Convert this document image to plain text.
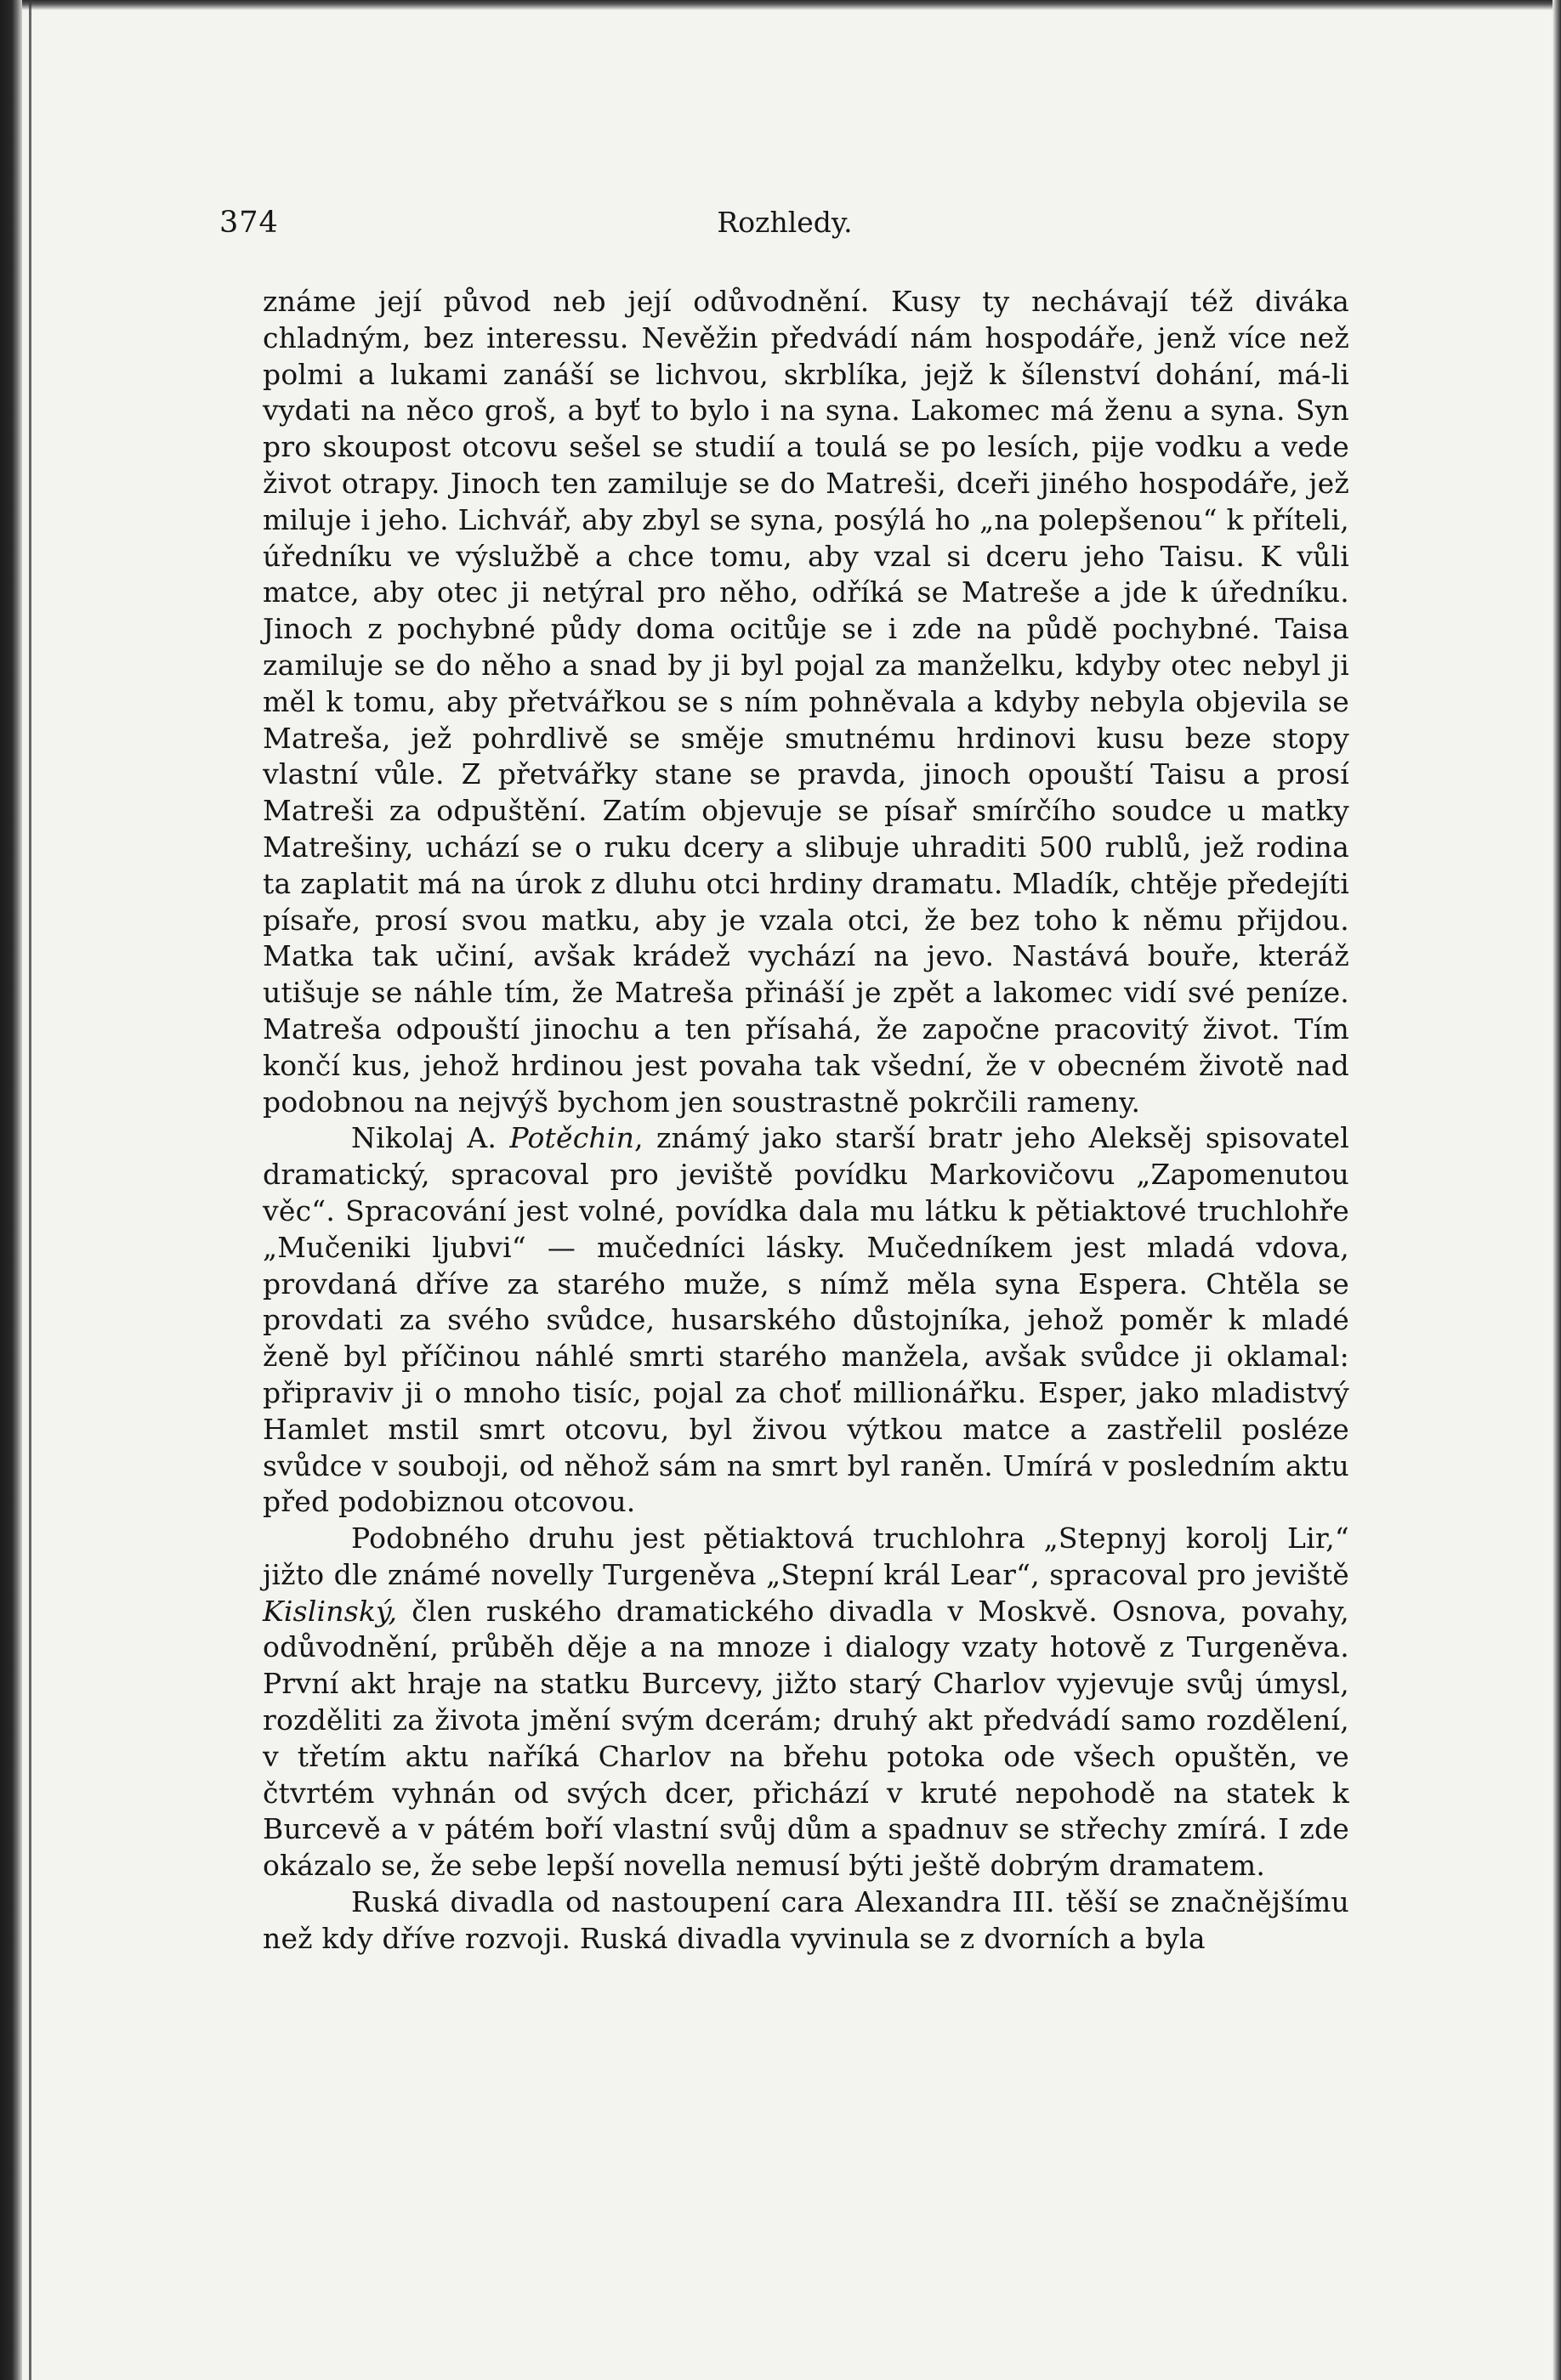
374	Rozhledy.

známe její původ neb její odůvodnění. Kusy ty nechávají též diváka chladným, bez interessu. Nevěžin předvádí nám hospodáře, jenž více než polmi a lukami zanáší se lichvou, skrblíka, jejž k šílenství dohání, má-li vydati na něco groš, a byť to bylo i na syna. Lakomec má ženu a syna. Syn pro skoupost otcovu sešel se studií a toulá se po lesích, pije vodku a vede život otrapy. Jinoch ten zamiluje se do Matreši, dceři jiného hospodáře, jež miluje i jeho. Lichvář, aby zbyl se syna, posýlá ho „na polepšenou“ k příteli, úředníku ve výslužbě a chce tomu, aby vzal si dceru jeho Taisu. K vůli matce, aby otec ji netýral pro něho, odříká se Matreše a jde k úředníku. Jinoch z pochybné půdy doma ocitůje se i zde na půdě pochybné. Taisa zamiluje se do něho a snad by ji byl pojal za manželku, kdyby otec nebyl ji měl k tomu, aby přetvářkou se s ním pohněvala a kdyby nebyla objevila se Matreša, jež pohrdlivě se směje smutnému hrdinovi kusu beze stopy vlastní vůle. Z přetvářky stane se pravda, jinoch opouští Taisu a prosí Matreši za odpuštění. Zatím objevuje se písař smírčího soudce u matky Matrešiny, uchází se o ruku dcery a slibuje uhraditi 500 rublů, jež rodina ta zaplatit má na úrok z dluhu otci hrdiny dramatu. Mladík, chtěje předejíti písaře, prosí svou matku, aby je vzala otci, že bez toho k němu přijdou. Matka tak učiní, avšak krádež vychází na jevo. Nastává bouře, kteráž utišuje se náhle tím, že Matreša přináší je zpět a lakomec vidí své peníze. Matreša odpouští jinochu a ten přísahá, že započne pracovitý život. Tím končí kus, jehož hrdinou jest povaha tak všední, že v obecném životě nad podobnou na nejvýš bychom jen soustrastně pokrčili rameny.

Nikolaj A. Potěchin, známý jako starší bratr jeho Aleksěj spisovatel dramatický, spracoval pro jeviště povídku Markovičovu „Zapomenutou věc“. Spracování jest volné, povídka dala mu látku k pětiaktové truchlohře „Mučeniki ljubvi“ — mučedníci lásky. Mučedníkem jest mladá vdova, provdaná dříve za starého muže, s nímž měla syna Espera. Chtěla se provdati za svého svůdce, husarského důstojníka, jehož poměr k mladé ženě byl příčinou náhlé smrti starého manžela, avšak svůdce ji oklamal: připraviv ji o mnoho tisíc, pojal za choť millionářku. Esper, jako mladistvý Hamlet mstil smrt otcovu, byl živou výtkou matce a zastřelil posléze svůdce v souboji, od něhož sám na smrt byl raněn. Umírá v posledním aktu před podobiznou otcovou.

Podobného druhu jest pětiaktová truchlohra „Stepnyj korolj Lir,“ jižto dle známé novelly Turgeněva „Stepní král Lear“, spracoval pro jeviště Kislinský, člen ruského dramatického divadla v Moskvě. Osnova, povahy, odůvodnění, průběh děje a na mnoze i dialogy vzaty hotově z Turgeněva. První akt hraje na statku Burcevy, jižto starý Charlov vyjevuje svůj úmysl, rozděliti za života jmění svým dcerám; druhý akt předvádí samo rozdělení, v třetím aktu naříká Charlov na břehu potoka ode všech opuštěn, ve čtvrtém vyhnán od svých dcer, přichází v kruté nepohodě na statek k Burcevě a v pátém boří vlastní svůj dům a spadnuv se střechy zmírá. I zde okázalo se, že sebe lepší novella nemusí býti ještě dobrým dramatem.

Ruská divadla od nastoupení cara Alexandra III. těší se značnějšímu než kdy dříve rozvoji. Ruská divadla vyvinula se z dvorních a byla
